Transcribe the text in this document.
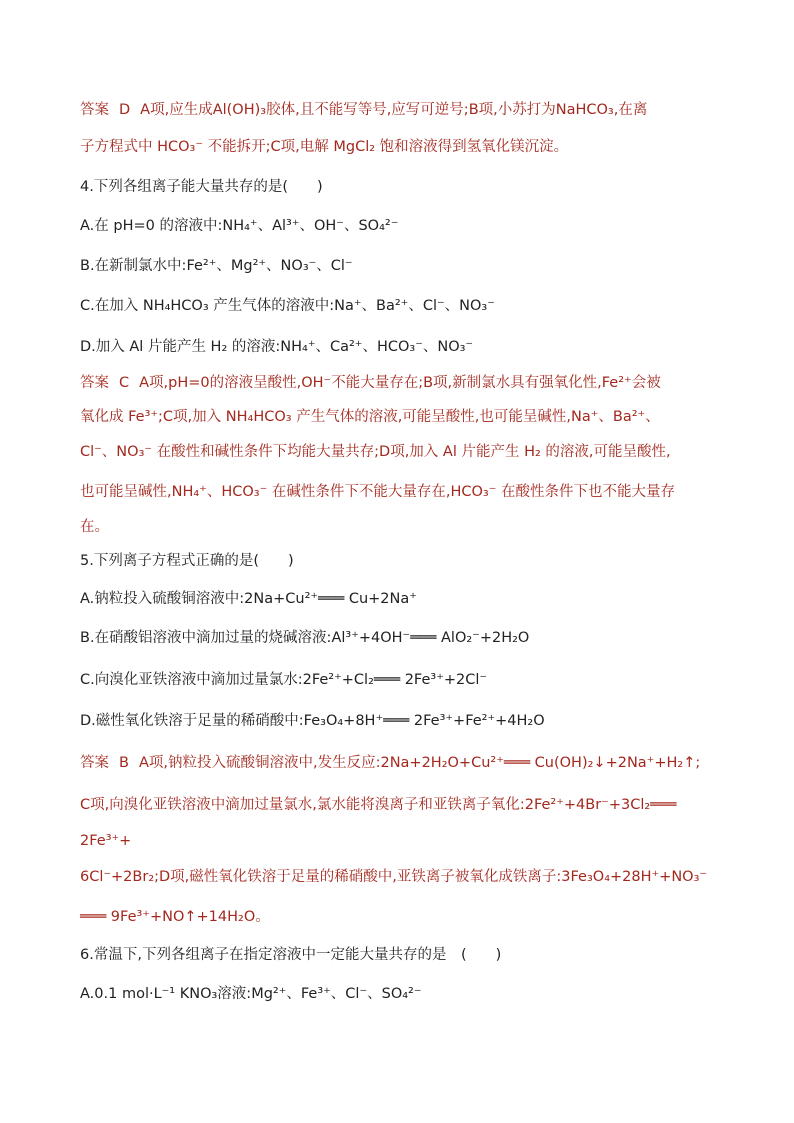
答案 D A项,应生成Al(OH)₃胶体,且不能写等号,应写可逆号;B项,小苏打为NaHCO₃,在离
子方程式中 HCO₃⁻ 不能拆开;C项,电解 MgCl₂ 饱和溶液得到氢氧化镁沉淀。
4.下列各组离子能大量共存的是(　　)
A.在 pH=0 的溶液中:NH₄⁺、Al³⁺、OH⁻、SO₄²⁻
B.在新制氯水中:Fe²⁺、Mg²⁺、NO₃⁻、Cl⁻
C.在加入 NH₄HCO₃ 产生气体的溶液中:Na⁺、Ba²⁺、Cl⁻、NO₃⁻
D.加入 Al 片能产生 H₂ 的溶液:NH₄⁺、Ca²⁺、HCO₃⁻、NO₃⁻
答案 C A项,pH=0的溶液呈酸性,OH⁻不能大量存在;B项,新制氯水具有强氧化性,Fe²⁺会被
氧化成 Fe³⁺;C项,加入 NH₄HCO₃ 产生气体的溶液,可能呈酸性,也可能呈碱性,Na⁺、Ba²⁺、
Cl⁻、NO₃⁻ 在酸性和碱性条件下均能大量共存;D项,加入 Al 片能产生 H₂ 的溶液,可能呈酸性,
也可能呈碱性,NH₄⁺、HCO₃⁻ 在碱性条件下不能大量存在,HCO₃⁻ 在酸性条件下也不能大量存
在。
5.下列离子方程式正确的是(　　)
A.钠粒投入硫酸铜溶液中:2Na+Cu²⁺═══ Cu+2Na⁺
B.在硝酸铝溶液中滴加过量的烧碱溶液:Al³⁺+4OH⁻═══ AlO₂⁻+2H₂O
C.向溴化亚铁溶液中滴加过量氯水:2Fe²⁺+Cl₂═══ 2Fe³⁺+2Cl⁻
D.磁性氧化铁溶于足量的稀硝酸中:Fe₃O₄+8H⁺═══ 2Fe³⁺+Fe²⁺+4H₂O
答案 B A项,钠粒投入硫酸铜溶液中,发生反应:2Na+2H₂O+Cu²⁺═══ Cu(OH)₂↓+2Na⁺+H₂↑;
C项,向溴化亚铁溶液中滴加过量氯水,氯水能将溴离子和亚铁离子氧化:2Fe²⁺+4Br⁻+3Cl₂═══
2Fe³⁺+
6Cl⁻+2Br₂;D项,磁性氧化铁溶于足量的稀硝酸中,亚铁离子被氧化成铁离子:3Fe₃O₄+28H⁺+NO₃⁻
═══ 9Fe³⁺+NO↑+14H₂O。
6.常温下,下列各组离子在指定溶液中一定能大量共存的是　(　　)
A.0.1 mol·L⁻¹ KNO₃溶液:Mg²⁺、Fe³⁺、Cl⁻、SO₄²⁻
